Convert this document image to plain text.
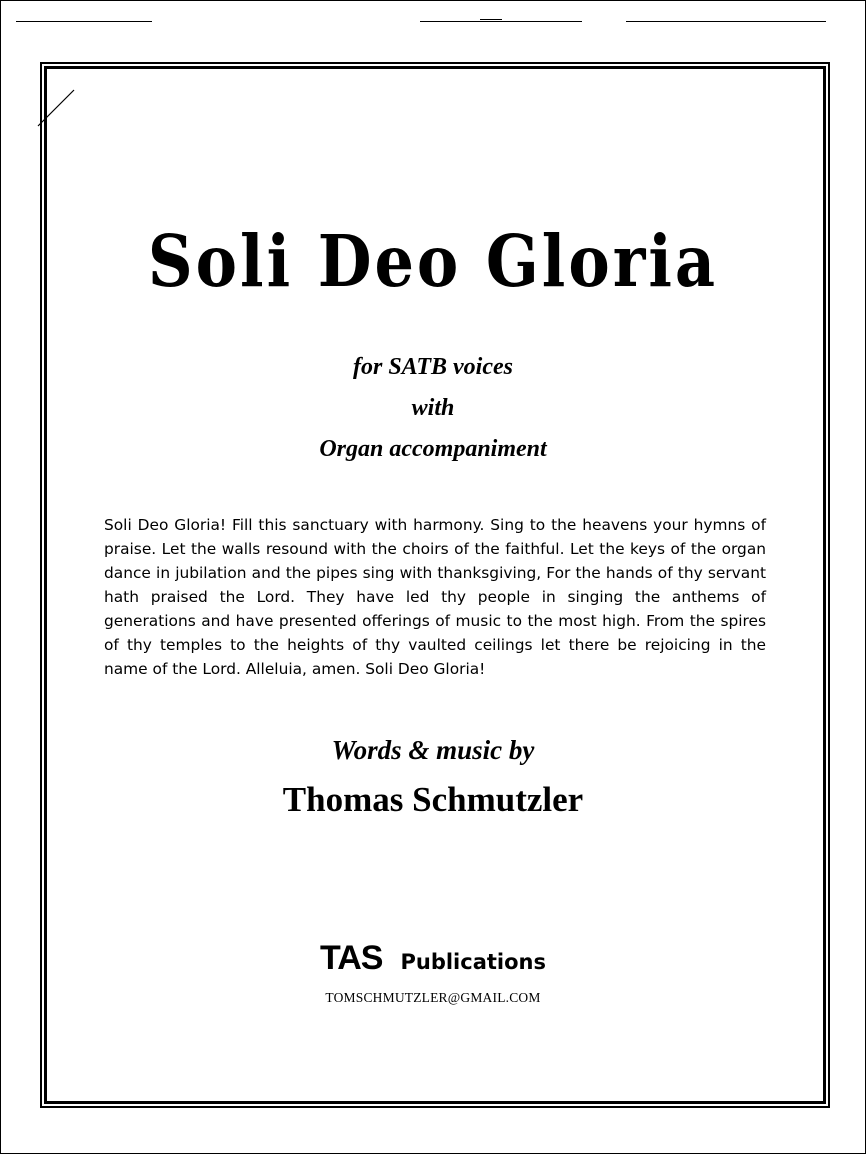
Soli Deo Gloria
for SATB voices
with
Organ accompaniment
Soli Deo Gloria! Fill this sanctuary with harmony. Sing to the heavens your hymns of praise. Let the walls resound with the choirs of the faithful. Let the keys of the organ dance in jubilation and the pipes sing with thanksgiving, For the hands of thy servant hath praised the Lord. They have led thy people in singing the anthems of generations and have presented offerings of music to the most high. From the spires of thy temples to the heights of thy vaulted ceilings let there be rejoicing in the name of the Lord. Alleluia, amen. Soli Deo Gloria!
Words & music by
Thomas Schmutzler
TAS Publications
TOMSCHMUTZLER@GMAIL.COM
